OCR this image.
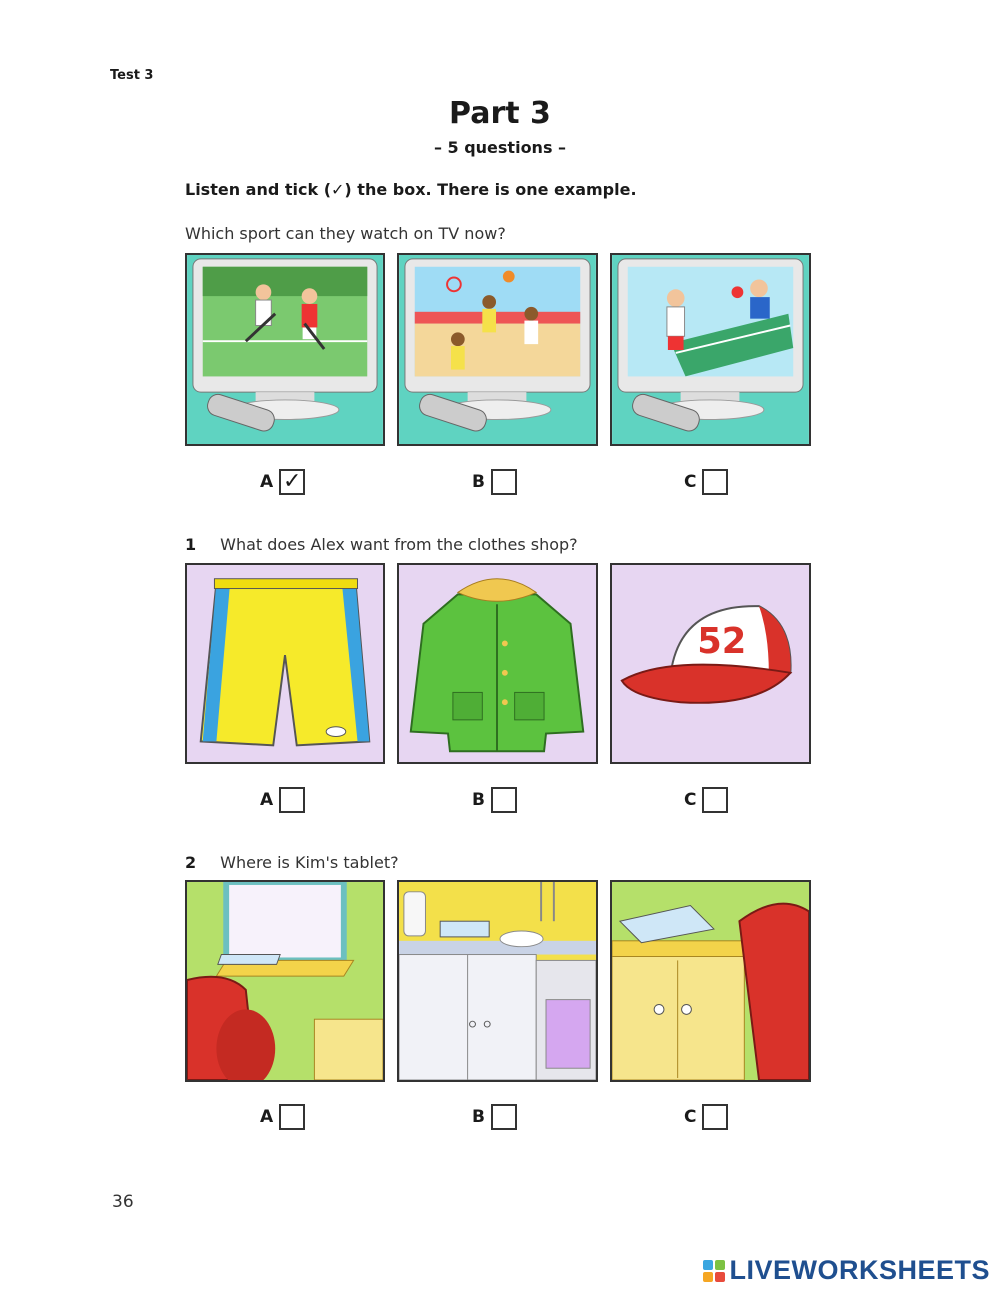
Test 3
Part 3
– 5 questions –
Listen and tick (✓) the box. There is one example.
Which sport can they watch on TV now?
A ✓	B	C
1 What does Alex want from the clothes shop?
52
A	B	C
2 Where is Kim's tablet?
A	B	C
36
LIVEWORKSHEETS
